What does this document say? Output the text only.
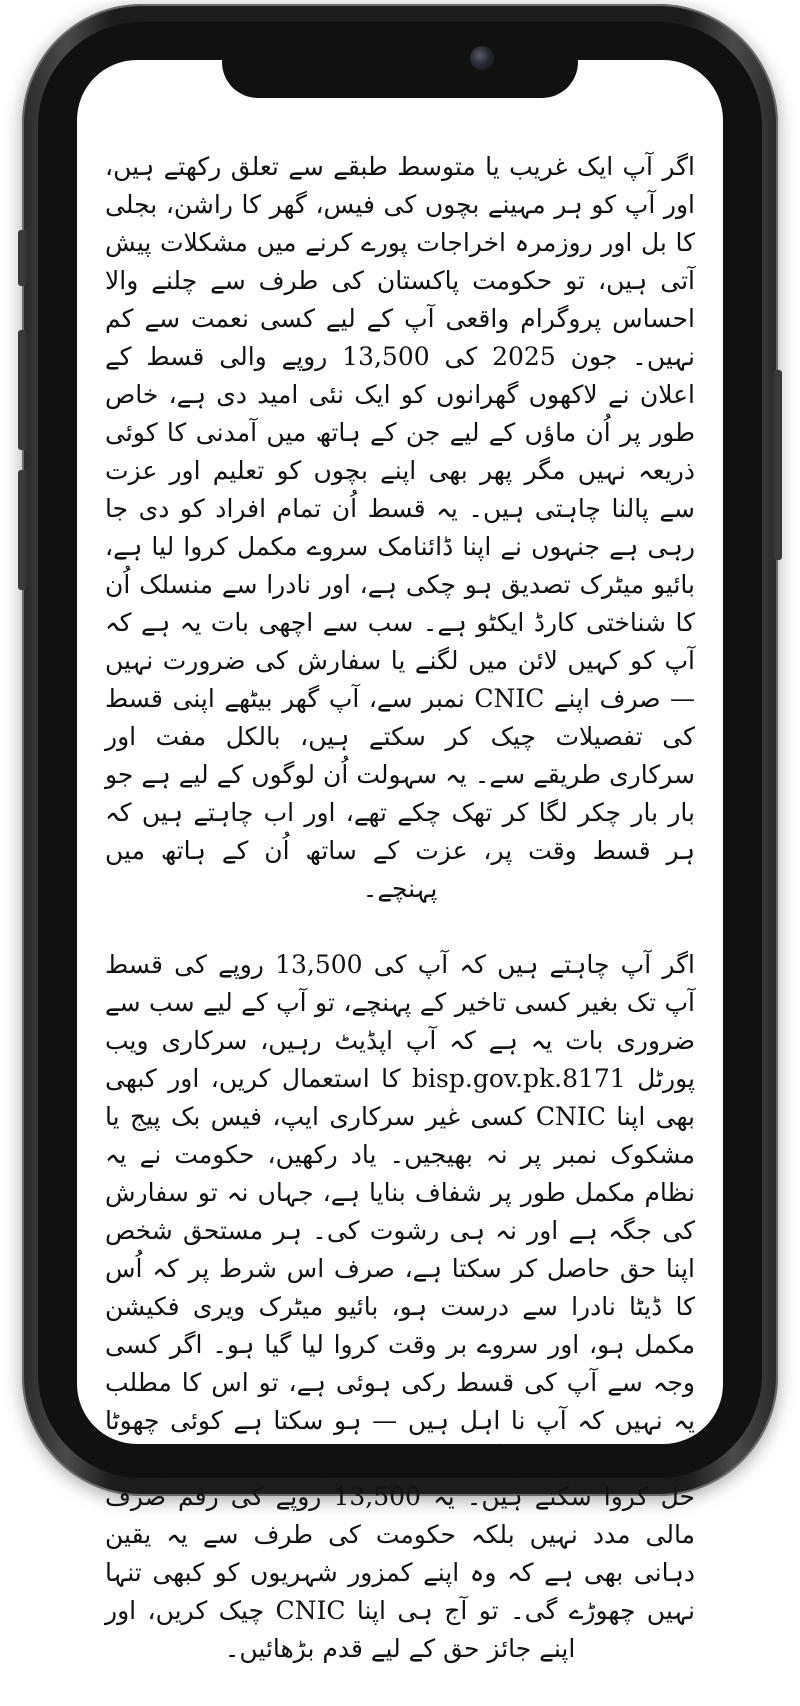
اگر آپ ایک غریب یا متوسط طبقے سے تعلق رکھتے ہیں، اور آپ کو ہر مہینے بچوں کی فیس، گھر کا راشن، بجلی کا بل اور روزمرہ اخراجات پورے کرنے میں مشکلات پیش آتی ہیں، تو حکومت پاکستان کی طرف سے چلنے والا احساس پروگرام واقعی آپ کے لیے کسی نعمت سے کم نہیں۔ جون 2025 کی 13,500 روپے والی قسط کے اعلان نے لاکھوں گھرانوں کو ایک نئی امید دی ہے، خاص طور پر اُن ماؤں کے لیے جن کے ہاتھ میں آمدنی کا کوئی ذریعہ نہیں مگر پھر بھی اپنے بچوں کو تعلیم اور عزت سے پالنا چاہتی ہیں۔ یہ قسط اُن تمام افراد کو دی جا رہی ہے جنہوں نے اپنا ڈائنامک سروے مکمل کروا لیا ہے، بائیو میٹرک تصدیق ہو چکی ہے، اور نادرا سے منسلک اُن کا شناختی کارڈ ایکٹو ہے۔ سب سے اچھی بات یہ ہے کہ آپ کو کہیں لائن میں لگنے یا سفارش کی ضرورت نہیں — صرف اپنے CNIC نمبر سے، آپ گھر بیٹھے اپنی قسط کی تفصیلات چیک کر سکتے ہیں، بالکل مفت اور سرکاری طریقے سے۔ یہ سہولت اُن لوگوں کے لیے ہے جو بار بار چکر لگا کر تھک چکے تھے، اور اب چاہتے ہیں کہ ہر قسط وقت پر، عزت کے ساتھ اُن کے ہاتھ میں پہنچے۔

اگر آپ چاہتے ہیں کہ آپ کی 13,500 روپے کی قسط آپ تک بغیر کسی تاخیر کے پہنچے، تو آپ کے لیے سب سے ضروری بات یہ ہے کہ آپ اپڈیٹ رہیں، سرکاری ویب پورٹل 8171.bisp.gov.pk کا استعمال کریں، اور کبھی بھی اپنا CNIC کسی غیر سرکاری ایپ، فیس بک پیج یا مشکوک نمبر پر نہ بھیجیں۔ یاد رکھیں، حکومت نے یہ نظام مکمل طور پر شفاف بنایا ہے، جہاں نہ تو سفارش کی جگہ ہے اور نہ ہی رشوت کی۔ ہر مستحق شخص اپنا حق حاصل کر سکتا ہے، صرف اس شرط پر کہ اُس کا ڈیٹا نادرا سے درست ہو، بائیو میٹرک ویری فکیشن مکمل ہو، اور سروے بر وقت کروا لیا گیا ہو۔ اگر کسی وجہ سے آپ کی قسط رکی ہوئی ہے، تو اس کا مطلب یہ نہیں کہ آپ نا اہل ہیں — ہو سکتا ہے کوئی چھوٹا سا مسئلہ ہو جو آپ BISP کے قریبی دفتر جا کر فوراً حل کروا سکتے ہیں۔ یہ 13,500 روپے کی رقم صرف مالی مدد نہیں بلکہ حکومت کی طرف سے یہ یقین دہانی بھی ہے کہ وہ اپنے کمزور شہریوں کو کبھی تنہا نہیں چھوڑے گی۔ تو آج ہی اپنا CNIC چیک کریں، اور اپنے جائز حق کے لیے قدم بڑھائیں۔
